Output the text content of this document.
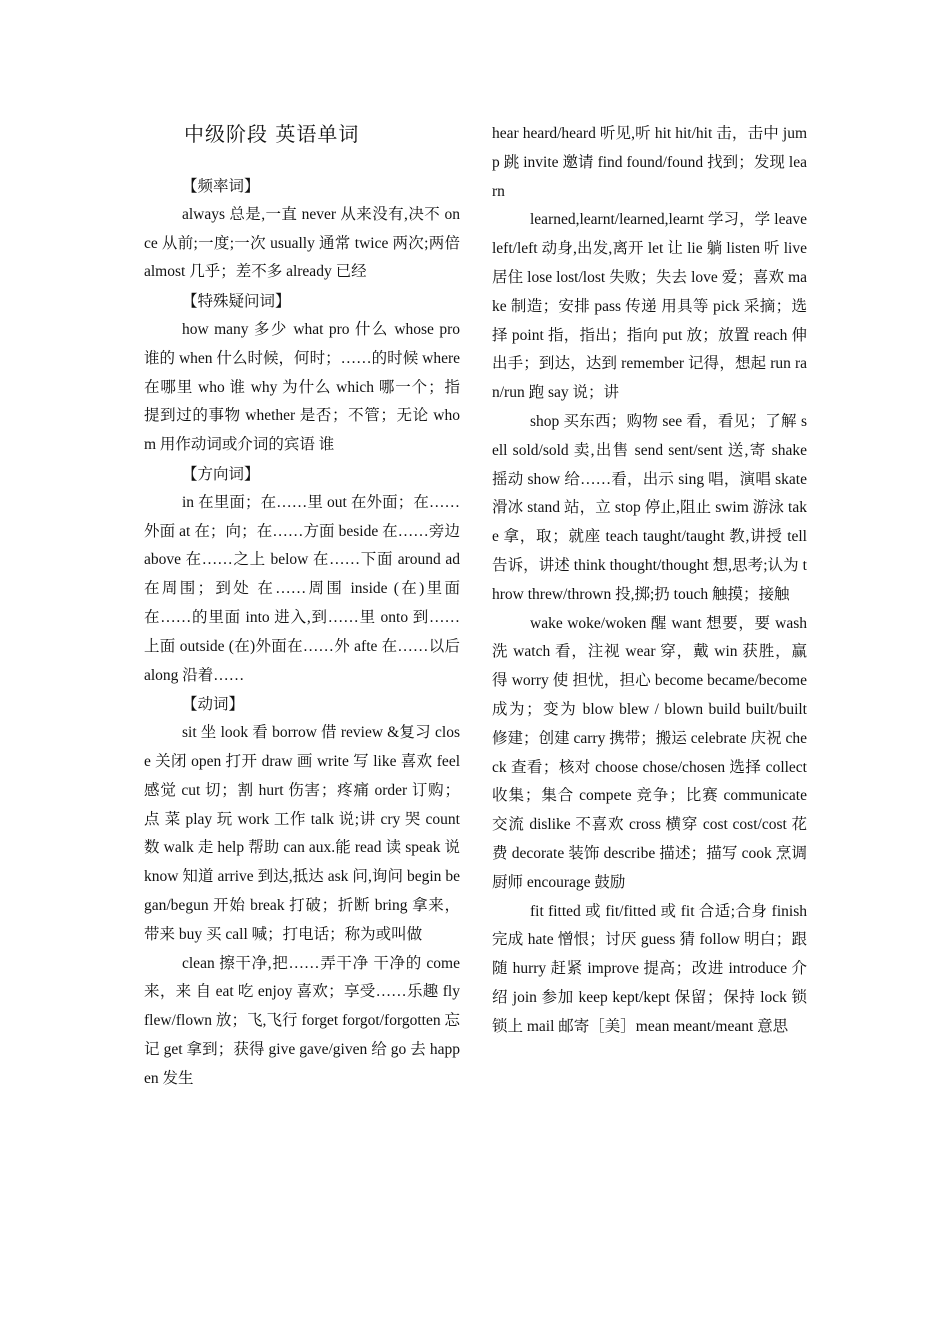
中级阶段 英语单词
【频率词】

always 总是,一直 never 从来没有,决不 once 从前;一度;一次 usually 通常 twice 两次;两倍 almost 几乎；差不多 already 已经

【特殊疑问词】

how many 多少 what pro 什么 whose pro 谁的 when 什么时候，何时；……的时候 where 在哪里 who 谁 why 为什么 which 哪一个；指提到过的事物 whether 是否；不管；无论 whom 用作动词或介词的宾语 谁

【方向词】

in 在里面；在……里 out 在外面；在……外面 at 在；向；在……方面 beside 在……旁边 above 在……之上 below 在……下面 around ad 在周围；到处 在……周围 inside (在)里面在……的里面 into 进入,到……里 onto 到……上面 outside (在)外面在……外 afte 在……以后 along 沿着……

【动词】

sit 坐 look 看 borrow 借 review &复习 close 关闭 open 打开 draw 画 write 写 like 喜欢 feel 感觉 cut 切；割 hurt 伤害；疼痛 order 订购；点 菜 play 玩 work 工作 talk 说;讲 cry 哭 count 数 walk 走 help 帮助 can aux.能 read 读 speak 说 know 知道 arrive 到达,抵达 ask 问,询问 begin began/begun 开始 break 打破；折断 bring 拿来，带来 buy 买 call 喊；打电话；称为或叫做

clean 擦干净,把……弄干净 干净的 come 来，来 自 eat 吃 enjoy 喜欢；享受……乐趣 fly flew/flown 放；飞,飞行 forget forgot/forgotten 忘记 get 拿到；获得 give gave/given 给 go 去 happen 发生

hear heard/heard 听见,听 hit hit/hit 击，击中 jump 跳 invite 邀请 find found/found 找到；发现 learn

learned,learnt/learned,learnt 学习，学 leave left/left 动身,出发,离开 let 让 lie 躺 listen 听 live 居住 lose lost/lost 失败；失去 love 爱；喜欢 make 制造；安排 pass 传递 用具等 pick 采摘；选择 point 指，指出；指向 put 放；放置 reach 伸出手；到达，达到 remember 记得，想起 run ran/run 跑 say 说；讲

shop 买东西；购物 see 看，看见；了解 sell sold/sold 卖,出售 send sent/sent 送,寄 shake 摇动 show 给……看，出示 sing 唱，演唱 skate 滑冰 stand 站，立 stop 停止,阻止 swim 游泳 take 拿，取；就座 teach taught/taught 教,讲授 tell 告诉，讲述 think thought/thought 想,思考;认为 throw threw/thrown 投,掷;扔 touch 触摸；接触

wake woke/woken 醒 want 想要，要 wash 洗 watch 看，注视 wear 穿，戴 win 获胜，赢得 worry 使 担忧，担心 become became/become 成为；变为 blow blew / blown build built/built 修建；创建 carry 携带；搬运 celebrate 庆祝 check 查看；核对 choose chose/chosen 选择 collect 收集；集合 compete 竞争；比赛 communicate 交流 dislike 不喜欢 cross 横穿 cost cost/cost 花费 decorate 装饰 describe 描述；描写 cook 烹调 厨师 encourage 鼓励

fit fitted 或 fit/fitted 或 fit 合适;合身 finish 完成 hate 憎恨；讨厌 guess 猜 follow 明白；跟随 hurry 赶紧 improve 提高；改进 introduce 介绍 join 参加 keep kept/kept 保留；保持 lock 锁 锁上 mail 邮寄［美］mean meant/meant 意思
